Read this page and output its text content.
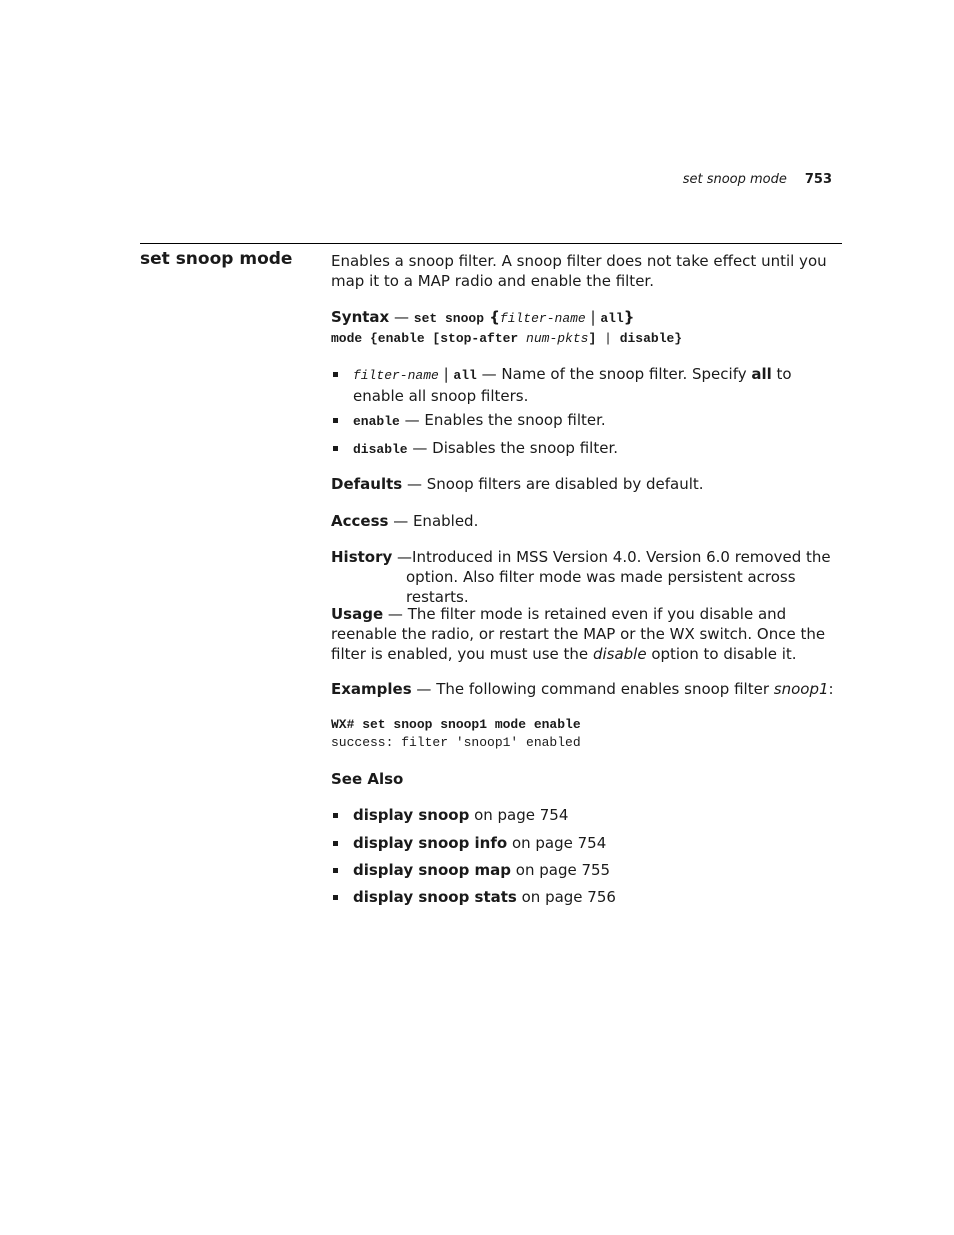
set snoop mode 753
set snoop mode	Enables a snoop filter. A snoop filter does not take effect until you map it to a MAP radio and enable the filter.
Syntax — set snoop {filter-name | all}
mode {enable [stop-after num-pkts] | disable}
filter-name | all — Name of the snoop filter. Specify all to enable all snoop filters.
enable — Enables the snoop filter.
disable — Disables the snoop filter.
Defaults — Snoop filters are disabled by default.
Access — Enabled.
History —Introduced in MSS Version 4.0. Version 6.0 removed the
option. Also filter mode was made persistent across restarts.
Usage — The filter mode is retained even if you disable and reenable the radio, or restart the MAP or the WX switch. Once the filter is enabled, you must use the disable option to disable it.
Examples — The following command enables snoop filter snoop1:
WX# set snoop snoop1 mode enable
success: filter 'snoop1' enabled
See Also
display snoop on page 754
display snoop info on page 754
display snoop map on page 755
display snoop stats on page 756
